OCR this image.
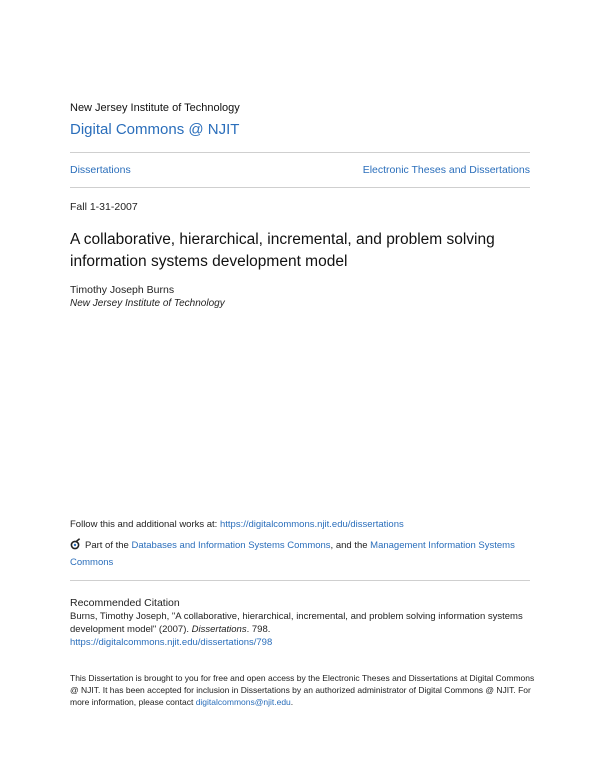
New Jersey Institute of Technology
Digital Commons @ NJIT
Dissertations	Electronic Theses and Dissertations
Fall 1-31-2007
A collaborative, hierarchical, incremental, and problem solving information systems development model
Timothy Joseph Burns
New Jersey Institute of Technology
Follow this and additional works at: https://digitalcommons.njit.edu/dissertations
Part of the Databases and Information Systems Commons, and the Management Information Systems Commons
Recommended Citation
Burns, Timothy Joseph, "A collaborative, hierarchical, incremental, and problem solving information systems development model" (2007). Dissertations. 798.
https://digitalcommons.njit.edu/dissertations/798
This Dissertation is brought to you for free and open access by the Electronic Theses and Dissertations at Digital Commons @ NJIT. It has been accepted for inclusion in Dissertations by an authorized administrator of Digital Commons @ NJIT. For more information, please contact digitalcommons@njit.edu.
